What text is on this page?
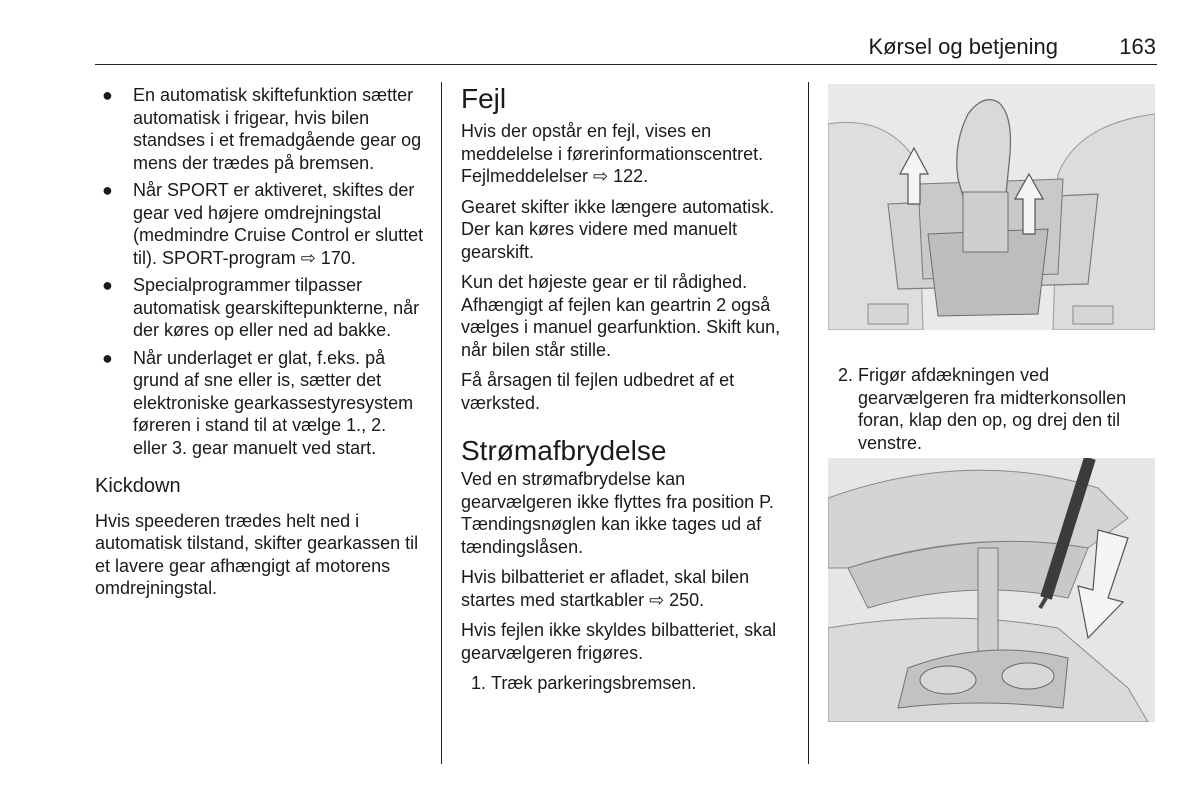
Kørsel og betjening	163
● En automatisk skiftefunktion sætter automatisk i frigear, hvis bilen standses i et fremadgående gear og mens der trædes på bremsen.
● Når SPORT er aktiveret, skiftes der gear ved højere omdrejningstal (medmindre Cruise Control er sluttet til). SPORT-program ⇨ 170.
● Specialprogrammer tilpasser automatisk gearskiftepunkterne, når der køres op eller ned ad bakke.
● Når underlaget er glat, f.eks. på grund af sne eller is, sætter det elektroniske gearkassestyresystem føreren i stand til at vælge 1., 2. eller 3. gear manuelt ved start.
Kickdown

Hvis speederen trædes helt ned i automatisk tilstand, skifter gearkassen til et lavere gear afhængigt af motorens omdrejningstal.

Fejl

Hvis der opstår en fejl, vises en meddelelse i førerinformationscentret. Fejlmeddelelser ⇨ 122.

Gearet skifter ikke længere automatisk. Der kan køres videre med manuelt gearskift.

Kun det højeste gear er til rådighed. Afhængigt af fejlen kan geartrin 2 også vælges i manuel gearfunktion. Skift kun, når bilen står stille.

Få årsagen til fejlen udbedret af et værksted.

Strømafbrydelse

Ved en strømafbrydelse kan gearvælgeren ikke flyttes fra position P. Tændingsnøglen kan ikke tages ud af tændingslåsen.

Hvis bilbatteriet er afladet, skal bilen startes med startkabler ⇨ 250.

Hvis fejlen ikke skyldes bilbatteriet, skal gearvælgeren frigøres.

1. Træk parkeringsbremsen.
2. Frigør afdækningen ved gearvælgeren fra midterkonsollen foran, klap den op, og drej den til venstre.
